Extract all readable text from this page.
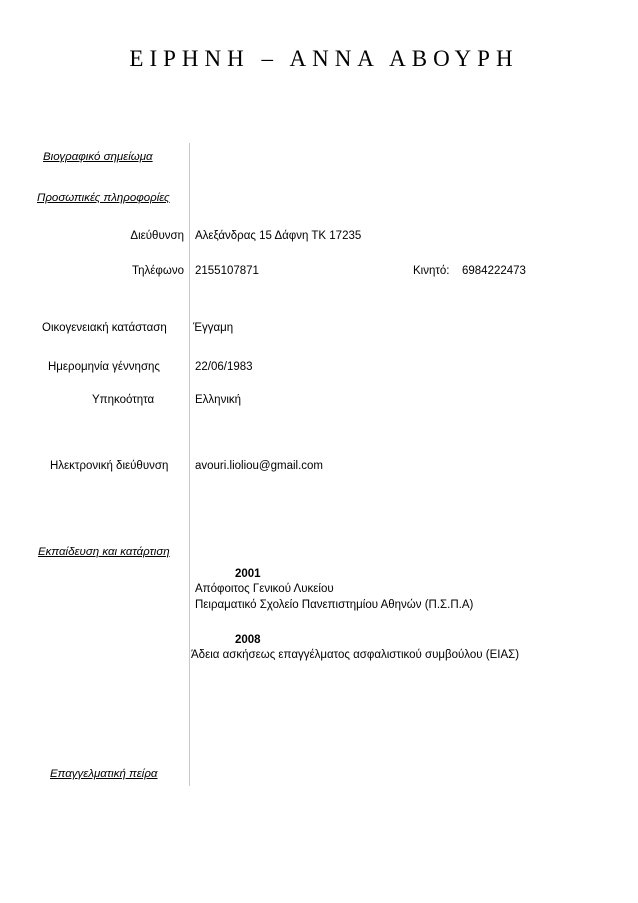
ΕΙΡΗΝΗ – ΑΝΝΑ ΑΒΟΥΡΗ
Βιογραφικό σημείωμα
Προσωπικές πληροφορίες
Διεύθυνση Αλεξάνδρας 15 Δάφνη ΤΚ 17235
Τηλέφωνο 2155107871	Κινητό: 6984222473
Οικογενειακή κατάσταση Έγγαμη
Ημερομηνία γέννησης	22/06/1983
Υπηκοότητα	Ελληνική
Ηλεκτρονική διεύθυνση avouri.lioliou@gmail.com
Εκπαίδευση και κατάρτιση
2001
Απόφοιτος Γενικού Λυκείου
Πειραματικό Σχολείο Πανεπιστημίου Αθηνών (Π.Σ.Π.Α)
2008
Άδεια ασκήσεως επαγγέλματος ασφαλιστικού συμβούλου (ΕΙΑΣ)
Επαγγελματική πείρα
